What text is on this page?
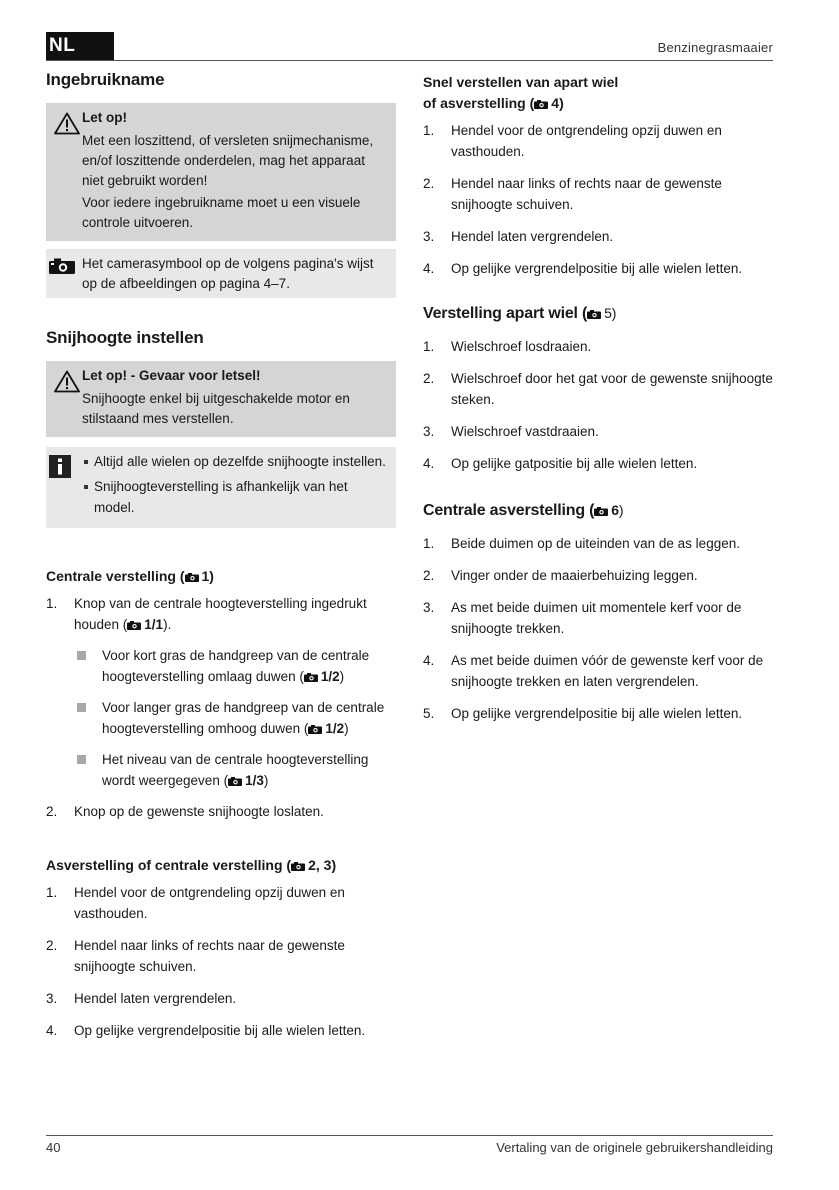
NL	Benzinegrasmaaier
Ingebruikname
Let op!

Met een loszittend, of versleten snijmechanisme, en/of loszittende onderdelen, mag het apparaat niet gebruikt worden!

Voor iedere ingebruikname moet u een visuele controle uitvoeren.

Het camerasymbool op de volgens pagina's wijst op de afbeeldingen op pagina 4–7.

Snijhoogte instellen
Let op! - Gevaar voor letsel!

Snijhoogte enkel bij uitgeschakelde motor en stilstaand mes verstellen.

Altijd alle wielen op dezelfde snijhoogte instellen.
Snijhoogteverstelling is afhankelijk van het model.
Centrale verstelling ( 1)
1. Knop van de centrale hoogteverstelling ingedrukt houden ( 1/1).
Voor kort gras de handgreep van de centrale hoogteverstelling omlaag duwen ( 1/2)
Voor langer gras de handgreep van de centrale hoogteverstelling omhoog duwen ( 1/2)
Het niveau van de centrale hoogteverstelling wordt weergegeven ( 1/3)
2. Knop op de gewenste snijhoogte loslaten.
Asverstelling of centrale verstelling ( 2, 3)
1. Hendel voor de ontgrendeling opzij duwen en vasthouden.
2. Hendel naar links of rechts naar de gewenste snijhoogte schuiven.
3. Hendel laten vergrendelen.
4. Op gelijke vergrendelpositie bij alle wielen letten.
Snel verstellen van apart wiel
of asverstelling ( 4)
1. Hendel voor de ontgrendeling opzij duwen en vasthouden.
2. Hendel naar links of rechts naar de gewenste snijhoogte schuiven.
3. Hendel laten vergrendelen.
4. Op gelijke vergrendelpositie bij alle wielen letten.
Verstelling apart wiel ( 5)
1. Wielschroef losdraaien.
2. Wielschroef door het gat voor de gewenste snijhoogte steken.
3. Wielschroef vastdraaien.
4. Op gelijke gatpositie bij alle wielen letten.
Centrale asverstelling ( 6)
1. Beide duimen op de uiteinden van de as leggen.
2. Vinger onder de maaierbehuizing leggen.
3. As met beide duimen uit momentele kerf voor de snijhoogte trekken.
4. As met beide duimen vóór de gewenste kerf voor de snijhoogte trekken en laten vergrendelen.
5. Op gelijke vergrendelpositie bij alle wielen letten.
40	Vertaling van de originele gebruikershandleiding
